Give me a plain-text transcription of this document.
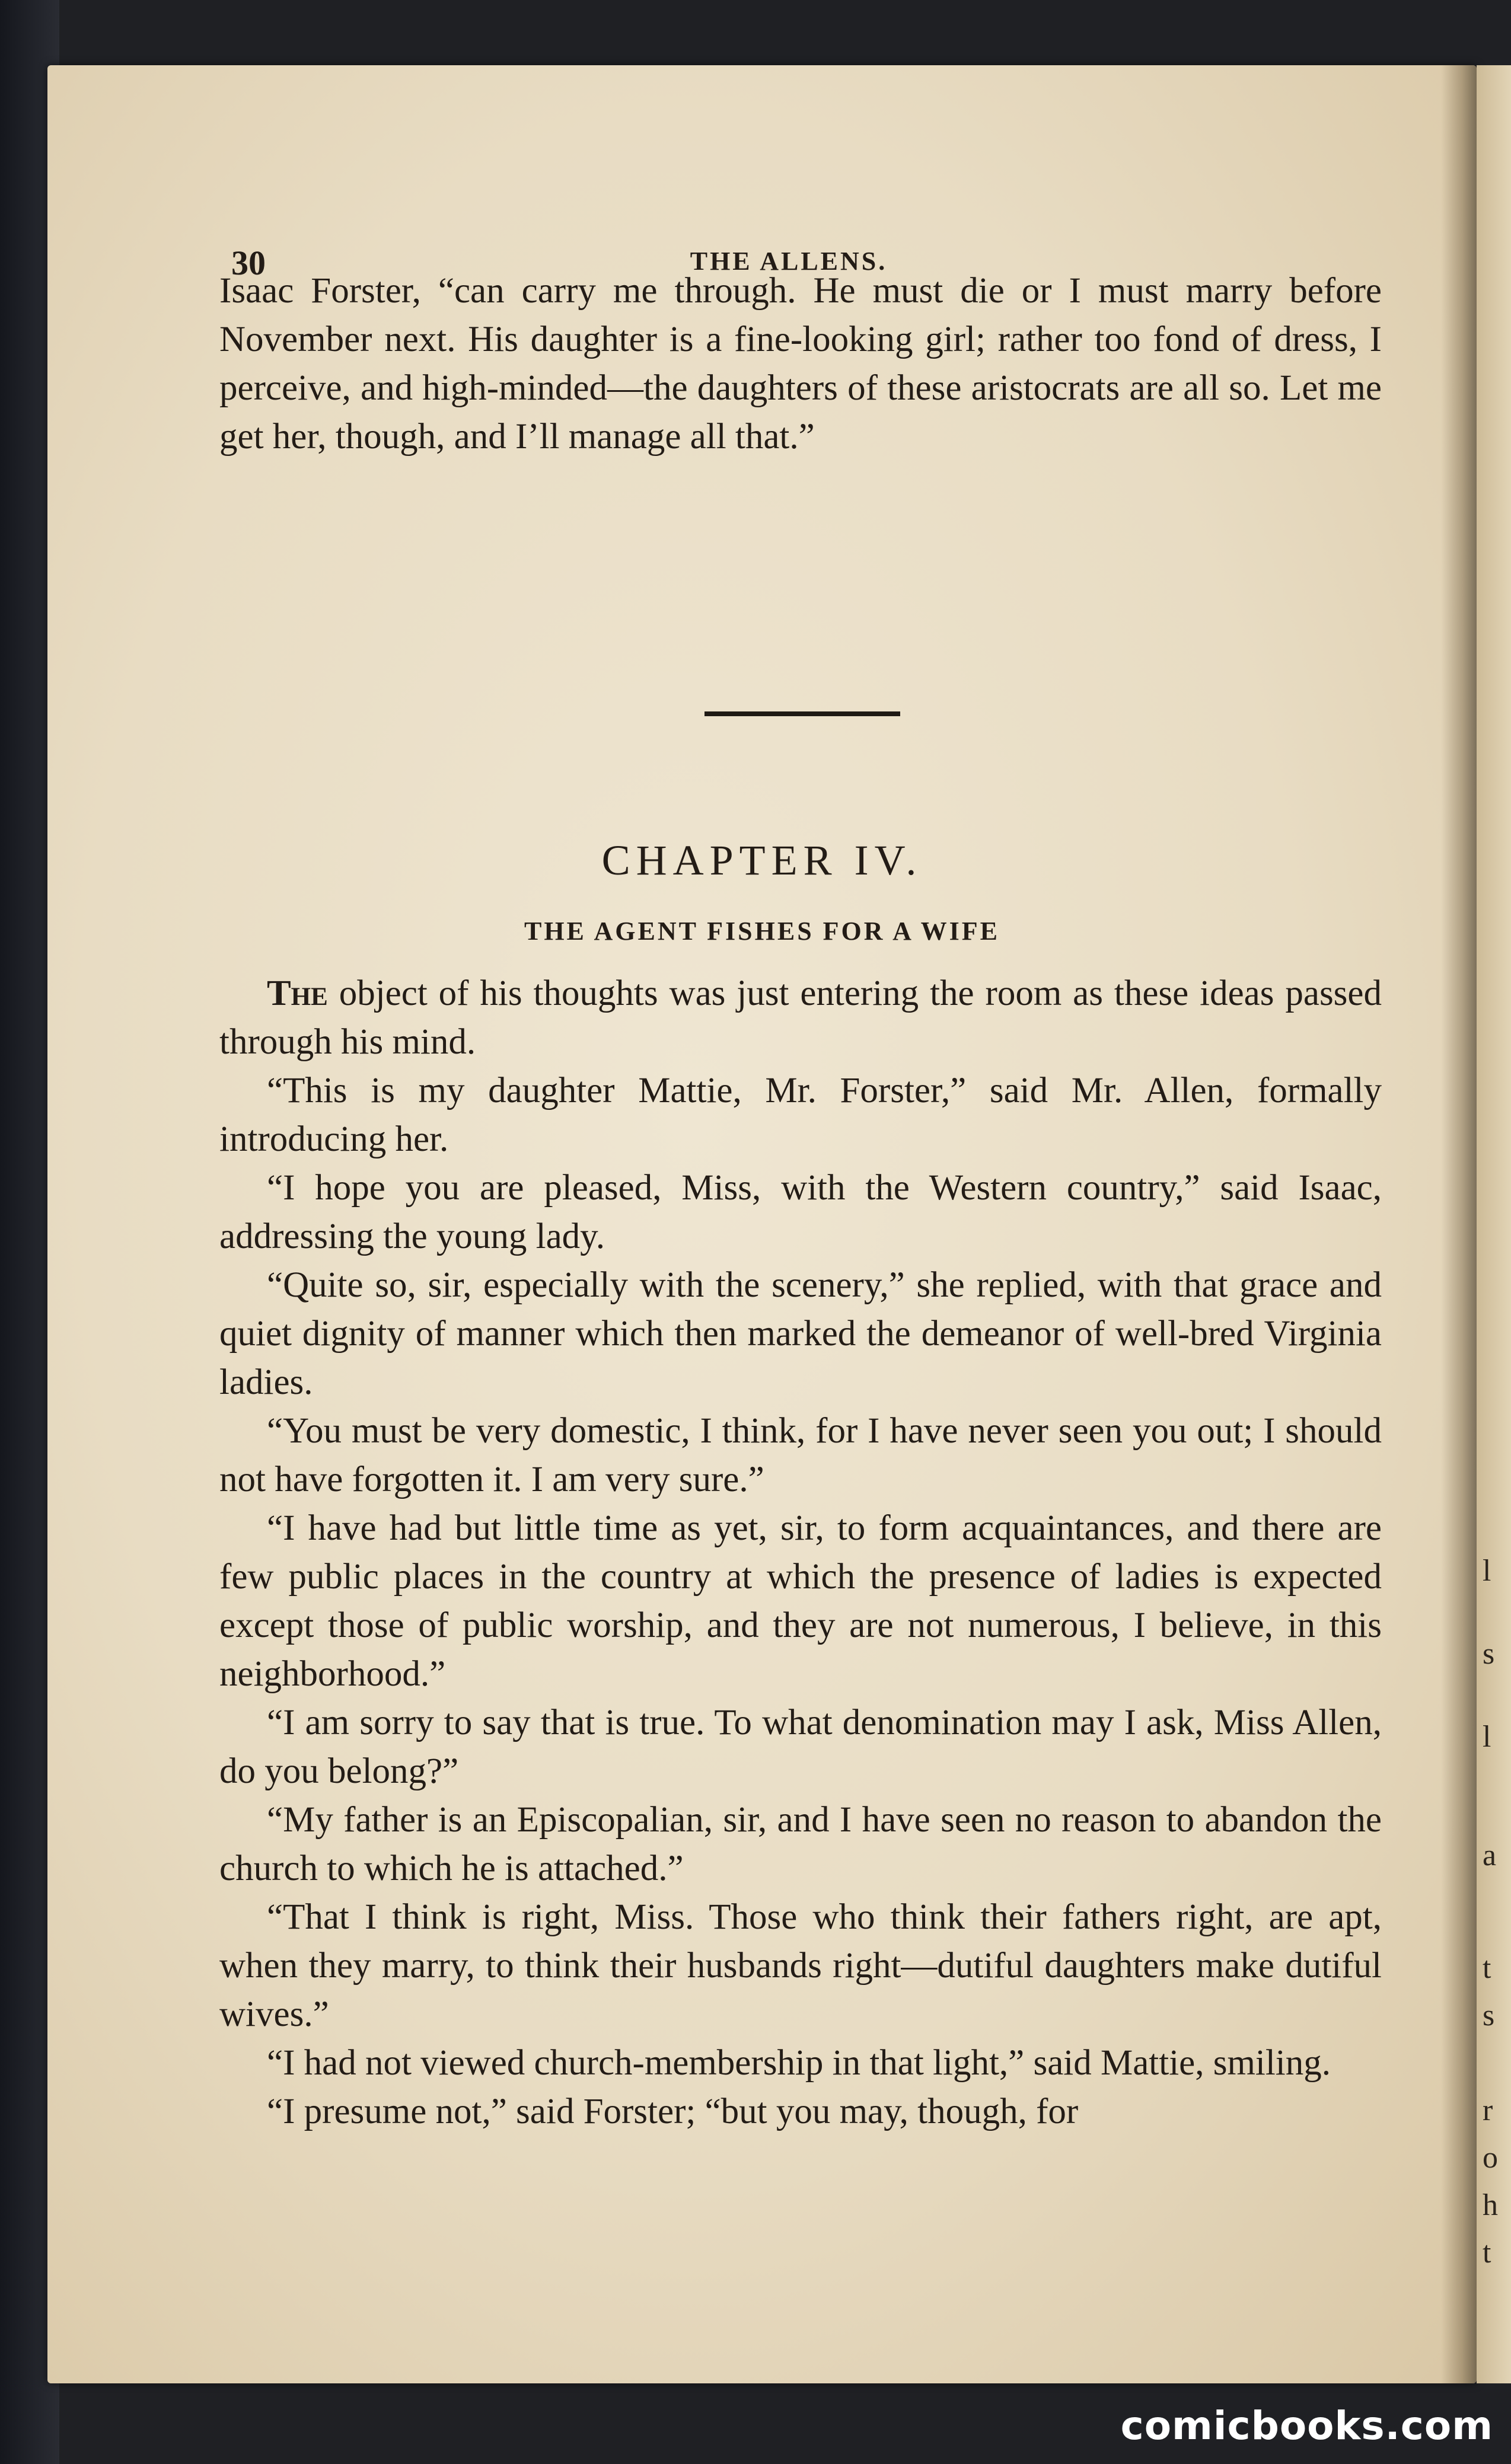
30	THE ALLENS.

Isaac Forster, “can carry me through. He must die or I must marry before November next. His daughter is a fine-looking girl; rather too fond of dress, I perceive, and high-minded—the daughters of these aristocrats are all so. Let me get her, though, and I’ll manage all that.”

CHAPTER IV.
THE AGENT FISHES FOR A WIFE

The object of his thoughts was just entering the room as these ideas passed through his mind.

“This is my daughter Mattie, Mr. Forster,” said Mr. Allen, formally introducing her.

“I hope you are pleased, Miss, with the Western country,” said Isaac, addressing the young lady.

“Quite so, sir, especially with the scenery,” she replied, with that grace and quiet dignity of manner which then marked the demeanor of well-bred Virginia ladies.

“You must be very domestic, I think, for I have never seen you out; I should not have forgotten it. I am very sure.”

“I have had but little time as yet, sir, to form acquaintances, and there are few public places in the country at which the presence of ladies is expected except those of public worship, and they are not numerous, I believe, in this neighborhood.”

“I am sorry to say that is true. To what denomination may I ask, Miss Allen, do you belong?”

“My father is an Episcopalian, sir, and I have seen no reason to abandon the church to which he is attached.”

“That I think is right, Miss. Those who think their fathers right, are apt, when they marry, to think their husbands right—dutiful daughters make dutiful wives.”

“I had not viewed church-membership in that light,” said Mattie, smiling.

“I presume not,” said Forster; “but you may, though, for

l
s
l
a
t
s
r
o
h
t
comicbooks.com
